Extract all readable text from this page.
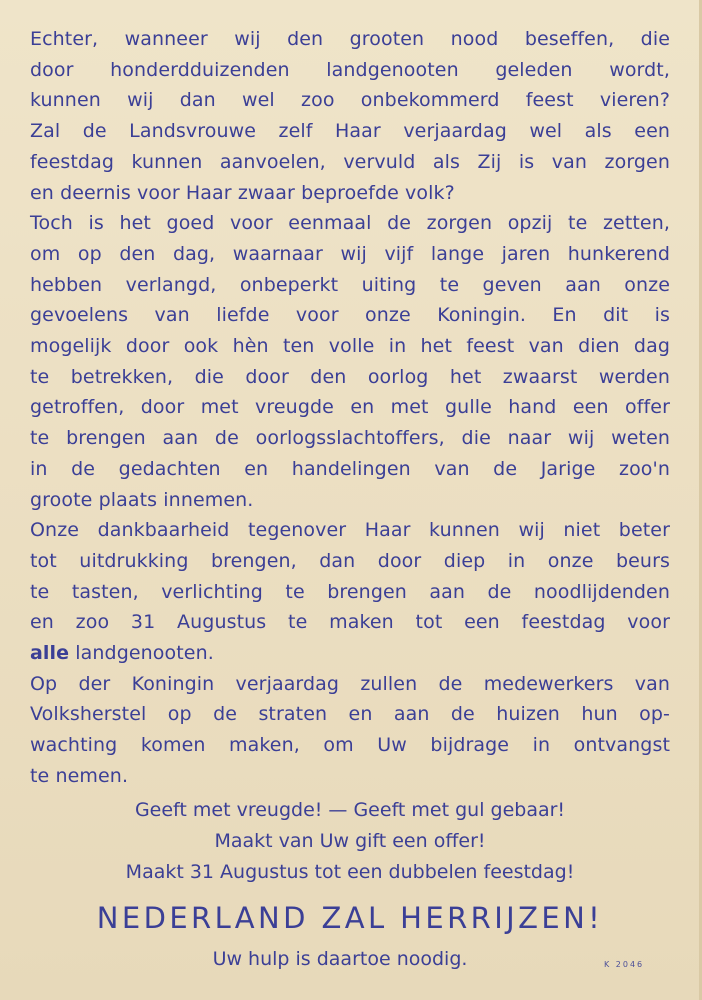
Echter, wanneer wij den grooten nood beseffen, die
door honderdduizenden landgenooten geleden wordt,
kunnen wij dan wel zoo onbekommerd feest vieren?
Zal de Landsvrouwe zelf Haar verjaardag wel als een
feestdag kunnen aanvoelen, vervuld als Zij is van zorgen
en deernis voor Haar zwaar beproefde volk?
Toch is het goed voor eenmaal de zorgen opzij te zetten,
om op den dag, waarnaar wij vijf lange jaren hunkerend
hebben verlangd, onbeperkt uiting te geven aan onze
gevoelens van liefde voor onze Koningin. En dit is
mogelijk door ook hèn ten volle in het feest van dien dag
te betrekken, die door den oorlog het zwaarst werden
getroffen, door met vreugde en met gulle hand een offer
te brengen aan de oorlogsslachtoffers, die naar wij weten
in de gedachten en handelingen van de Jarige zoo'n
groote plaats innemen.
Onze dankbaarheid tegenover Haar kunnen wij niet beter
tot uitdrukking brengen, dan door diep in onze beurs
te tasten, verlichting te brengen aan de noodlijdenden
en zoo 31 Augustus te maken tot een feestdag voor
alle landgenooten.
Op der Koningin verjaardag zullen de medewerkers van
Volksherstel op de straten en aan de huizen hun op-
wachting komen maken, om Uw bijdrage in ontvangst
te nemen.
Geeft met vreugde! — Geeft met gul gebaar!
Maakt van Uw gift een offer!
Maakt 31 Augustus tot een dubbelen feestdag!
NEDERLAND ZAL HERRIJZEN!
Uw hulp is daartoe noodig.	K 2046
